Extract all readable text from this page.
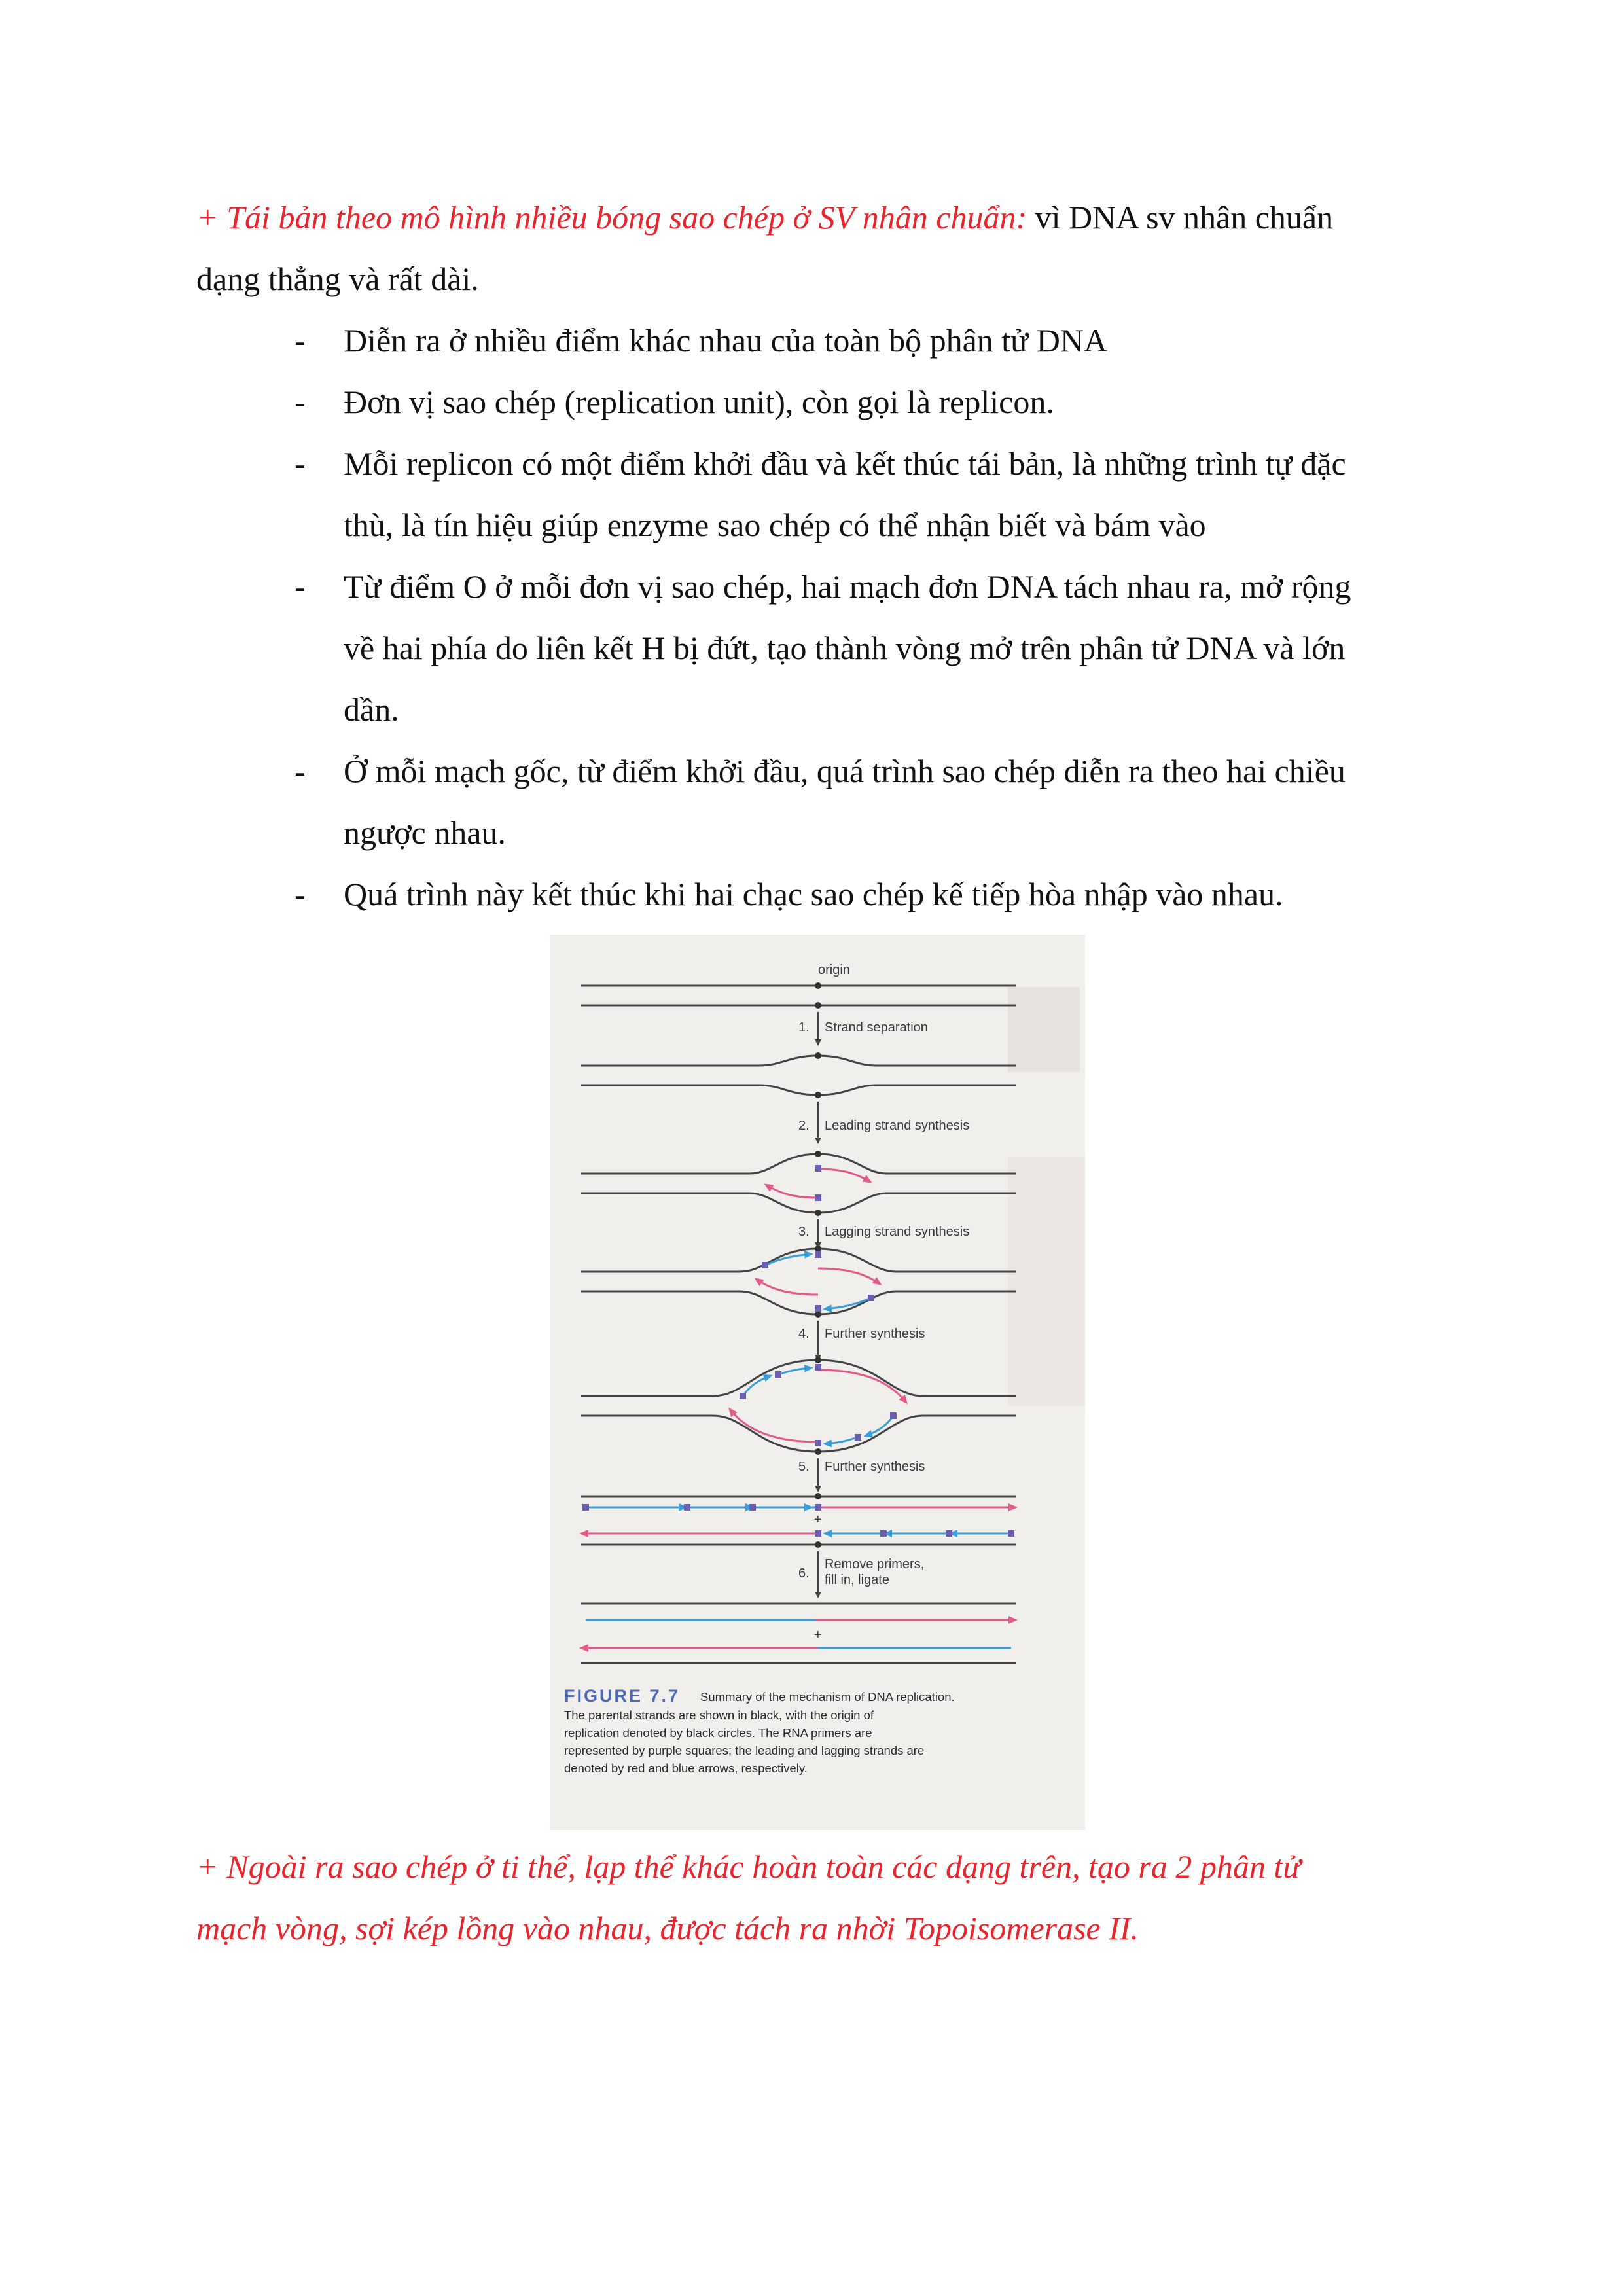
+ Tái bản theo mô hình nhiều bóng sao chép ở SV nhân chuẩn: vì DNA sv nhân chuẩn
dạng thẳng và rất dài.
- Diễn ra ở nhiều điểm khác nhau của toàn bộ phân tử DNA
- Đơn vị sao chép (replication unit), còn gọi là replicon.
- Mỗi replicon có một điểm khởi đầu và kết thúc tái bản, là những trình tự đặc
thù, là tín hiệu giúp enzyme sao chép có thể nhận biết và bám vào
- Từ điểm O ở mỗi đơn vị sao chép, hai mạch đơn DNA tách nhau ra, mở rộng
về hai phía do liên kết H bị đứt, tạo thành vòng mở trên phân tử DNA và lớn
dần.
- Ở mỗi mạch gốc, từ điểm khởi đầu, quá trình sao chép diễn ra theo hai chiều
ngược nhau.
- Quá trình này kết thúc khi hai chạc sao chép kế tiếp hòa nhập vào nhau.
origin
1. Strand separation
2. Leading strand synthesis
3. Lagging strand synthesis
4. Further synthesis
5. Further synthesis
+
6.
Remove primers,
fill in, ligate
+
FIGURE 7.7 Summary of the mechanism of DNA replication.
The parental strands are shown in black, with the origin of
replication denoted by black circles. The RNA primers are
represented by purple squares; the leading and lagging strands are
denoted by red and blue arrows, respectively.
+ Ngoài ra sao chép ở ti thể, lạp thể khác hoàn toàn các dạng trên, tạo ra 2 phân tử
mạch vòng, sợi kép lồng vào nhau, được tách ra nhời Topoisomerase II.
